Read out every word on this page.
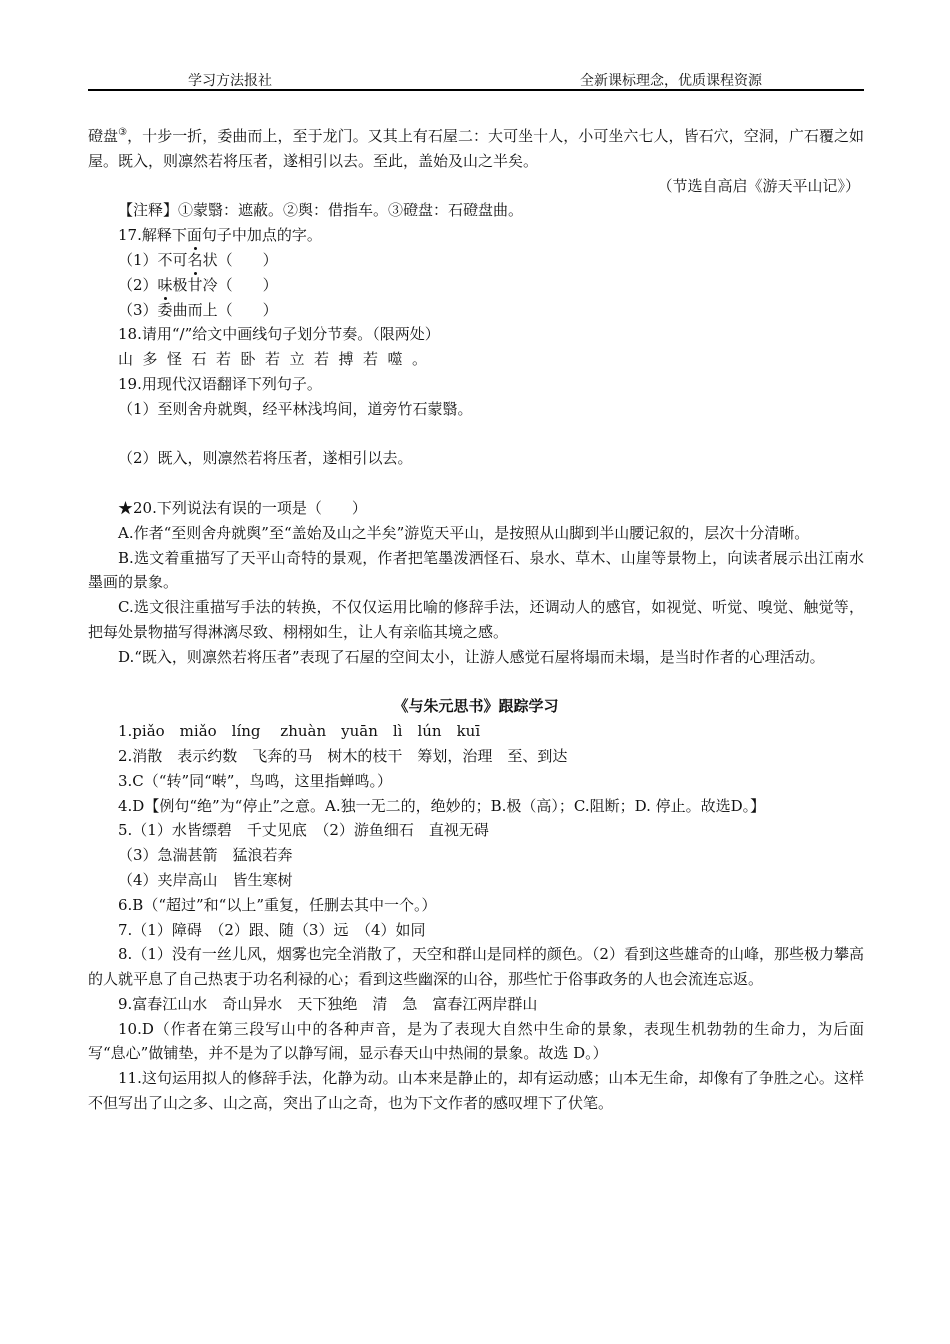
学习方法报社	全新课标理念，优质课程资源

磴盘③，十步一折，委曲而上，至于龙门。又其上有石屋二：大可坐十人，小可坐六七人，皆石穴，空洞，广石覆之如屋。既入，则凛然若将压者，遂相引以去。至此，盖始及山之半矣。

（节选自高启《游天平山记》）

【注释】①蒙翳：遮蔽。②舆：借指车。③磴盘：石磴盘曲。

17.解释下面句子中加点的字。

（1）不可名状（　　）

（2）味极甘冷（　　）

（3）委曲而上（　　）

18.请用“/”给文中画线句子划分节奏。（限两处）

山多怪石若卧若立若搏若噬。

19.用现代汉语翻译下列句子。

（1）至则舍舟就舆，经平林浅坞间，道旁竹石蒙翳。

（2）既入，则凛然若将压者，遂相引以去。

★20.下列说法有误的一项是（　　）

A.作者“至则舍舟就舆”至“盖始及山之半矣”游览天平山，是按照从山脚到半山腰记叙的，层次十分清晰。

B.选文着重描写了天平山奇特的景观，作者把笔墨泼洒怪石、泉水、草木、山崖等景物上，向读者展示出江南水墨画的景象。

C.选文很注重描写手法的转换，不仅仅运用比喻的修辞手法，还调动人的感官，如视觉、听觉、嗅觉、触觉等，把每处景物描写得淋漓尽致、栩栩如生，让人有亲临其境之感。

D.“既入，则凛然若将压者”表现了石屋的空间太小，让游人感觉石屋将塌而未塌，是当时作者的心理活动。

《与朱元思书》跟踪学习

1.piǎo　miǎo　líng　 zhuàn　yuān　lì　lún　kuī

2.消散　表示约数　飞奔的马　树木的枝干　筹划，治理　至、到达

3.C（“转”同“啭”，鸟鸣，这里指蝉鸣。）

4.D【例句“绝”为“停止”之意。A.独一无二的，绝妙的；B.极（高）；C.阻断；D. 停止。故选D。】

5.（1）水皆缥碧　千丈见底　（2）游鱼细石　直视无碍

（3）急湍甚箭　猛浪若奔

（4）夹岸高山　皆生寒树

6.B（“超过”和“以上”重复，任删去其中一个。）

7.（1）障碍　（2）跟、随（3）远　（4）如同

8.（1）没有一丝儿风，烟雾也完全消散了，天空和群山是同样的颜色。（2）看到这些雄奇的山峰，那些极力攀高的人就平息了自己热衷于功名利禄的心；看到这些幽深的山谷，那些忙于俗事政务的人也会流连忘返。

9.富春江山水　奇山异水　天下独绝　清　急　富春江两岸群山

10.D（作者在第三段写山中的各种声音，是为了表现大自然中生命的景象，表现生机勃勃的生命力，为后面写“息心”做铺垫，并不是为了以静写闹，显示春天山中热闹的景象。故选 D。）

11.这句运用拟人的修辞手法，化静为动。山本来是静止的，却有运动感；山本无生命，却像有了争胜之心。这样不但写出了山之多、山之高，突出了山之奇，也为下文作者的感叹埋下了伏笔。
